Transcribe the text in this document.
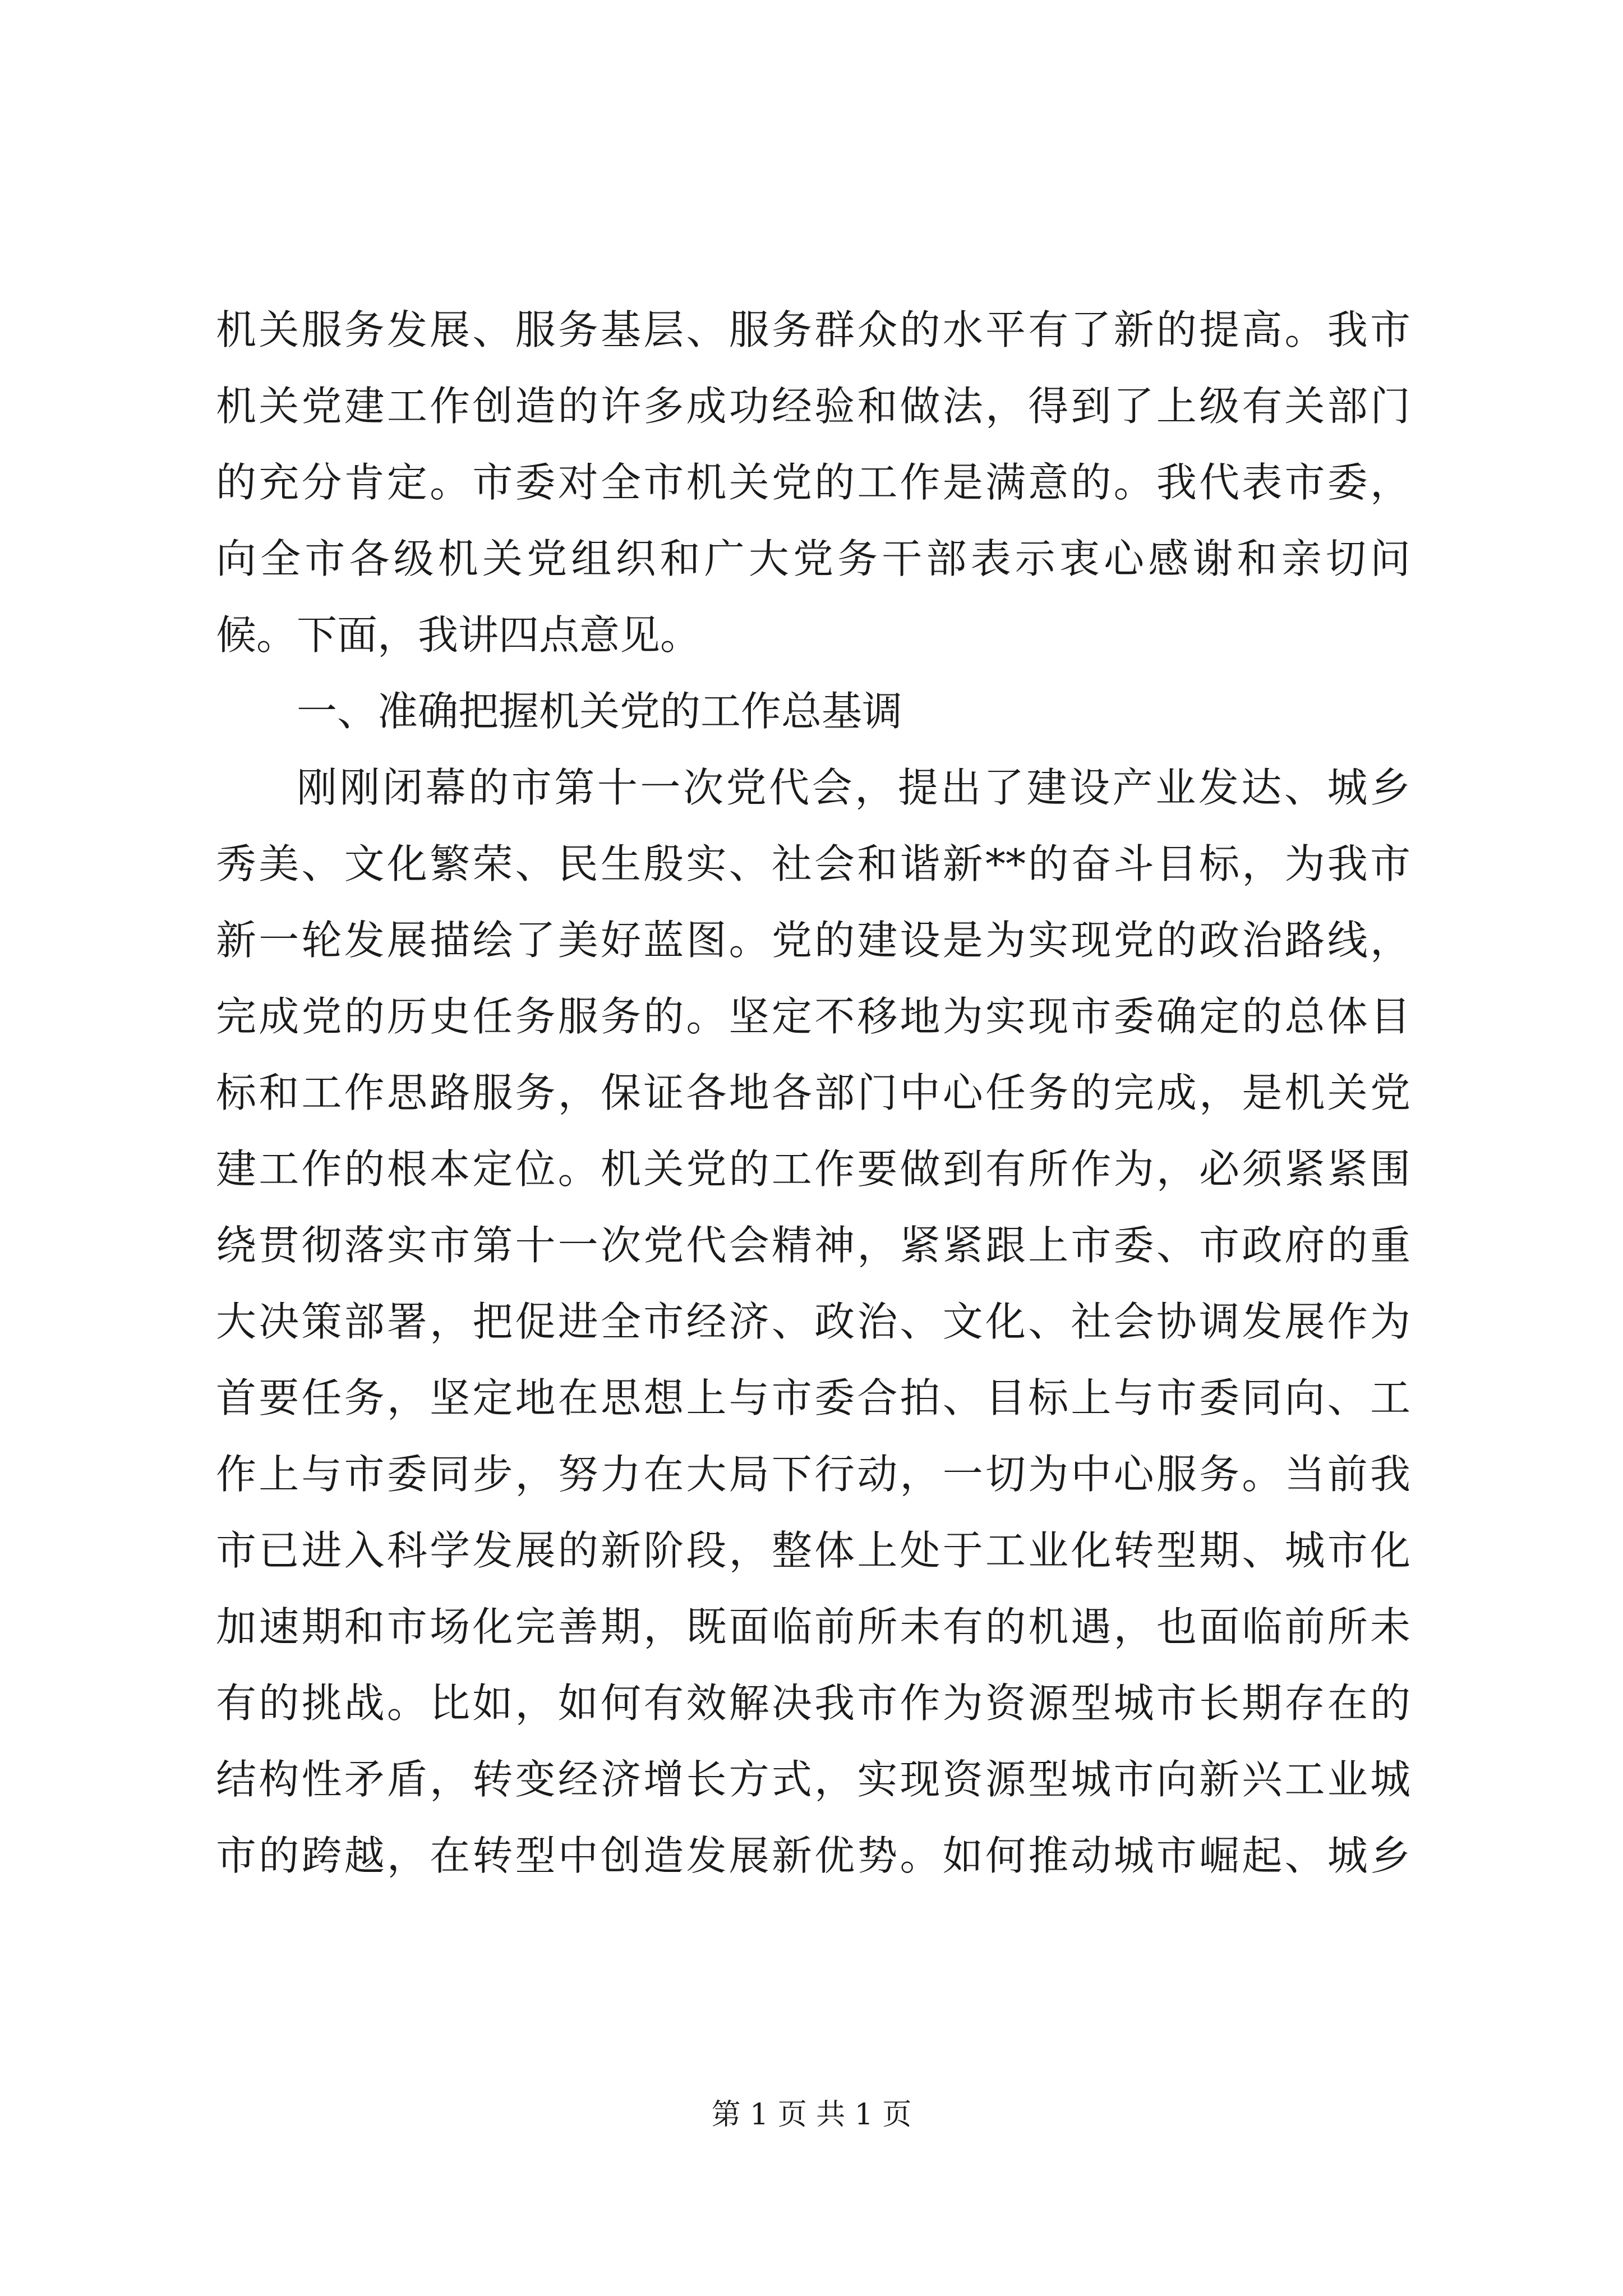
机关服务发展、服务基层、服务群众的水平有了新的提高。我市
机关党建工作创造的许多成功经验和做法，得到了上级有关部门
的充分肯定。市委对全市机关党的工作是满意的。我代表市委，
向全市各级机关党组织和广大党务干部表示衷心感谢和亲切问
候。下面，我讲四点意见。
一、准确把握机关党的工作总基调
刚刚闭幕的市第十一次党代会，提出了建设产业发达、城乡
秀美、文化繁荣、民生殷实、社会和谐新**的奋斗目标，为我市
新一轮发展描绘了美好蓝图。党的建设是为实现党的政治路线，
完成党的历史任务服务的。坚定不移地为实现市委确定的总体目
标和工作思路服务，保证各地各部门中心任务的完成，是机关党
建工作的根本定位。机关党的工作要做到有所作为，必须紧紧围
绕贯彻落实市第十一次党代会精神，紧紧跟上市委、市政府的重
大决策部署，把促进全市经济、政治、文化、社会协调发展作为
首要任务，坚定地在思想上与市委合拍、目标上与市委同向、工
作上与市委同步，努力在大局下行动，一切为中心服务。当前我
市已进入科学发展的新阶段，整体上处于工业化转型期、城市化
加速期和市场化完善期，既面临前所未有的机遇，也面临前所未
有的挑战。比如，如何有效解决我市作为资源型城市长期存在的
结构性矛盾，转变经济增长方式，实现资源型城市向新兴工业城
市的跨越，在转型中创造发展新优势。如何推动城市崛起、城乡
第 1 页 共 1 页
